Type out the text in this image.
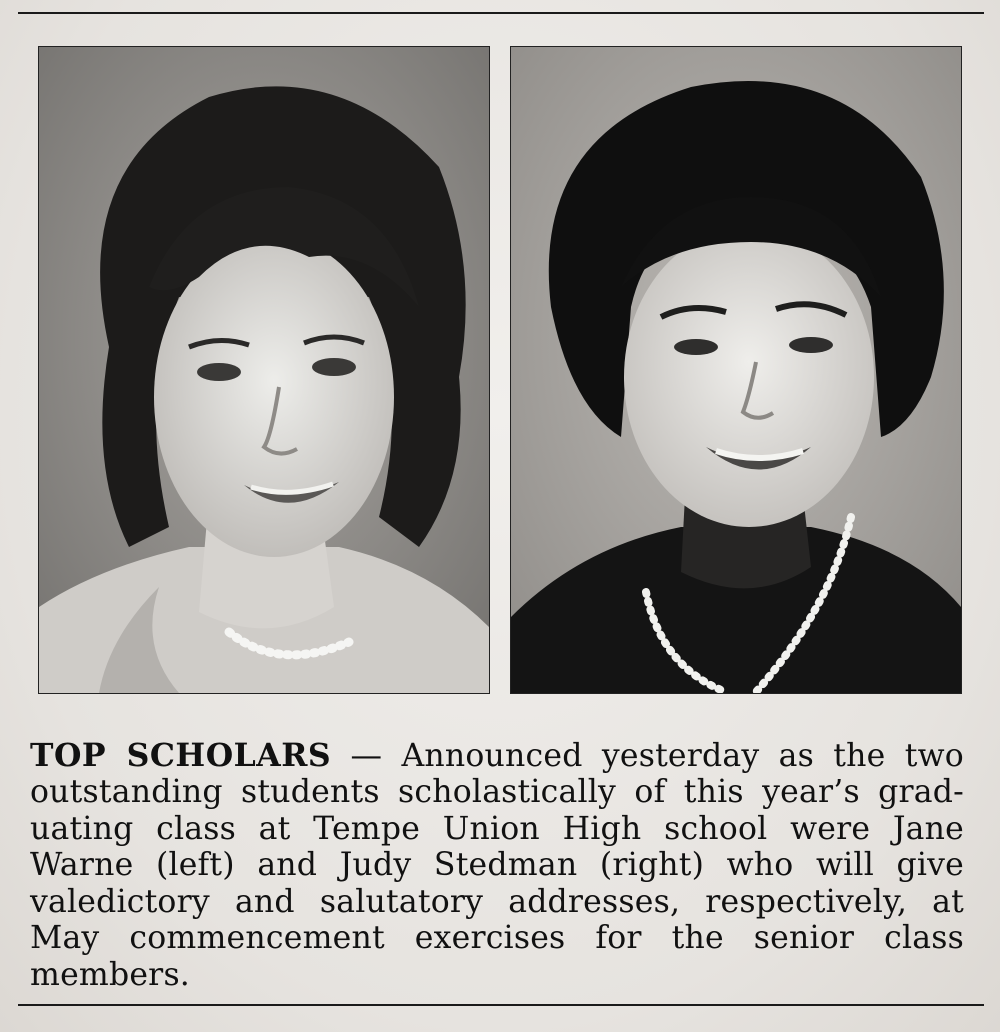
TOP SCHOLARS — Announced yesterday as the two outstanding students scholastically of this year’s grad-uating class at Tempe Union High school were Jane Warne (left) and Judy Stedman (right) who will give valedictory and salutatory addresses, respectively, at May commencement exercises for the senior class members.
